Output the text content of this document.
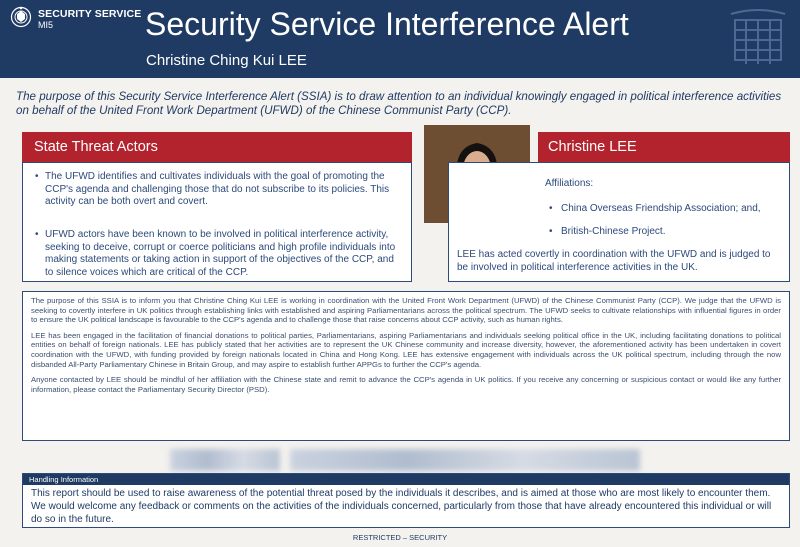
SECURITY SERVICE
MI5	Security Service Interference Alert
Christine Ching Kui LEE
The purpose of this Security Service Interference Alert (SSIA) is to draw attention to an individual knowingly engaged in political interference activities on behalf of the United Front Work Department (UFWD) of the Chinese Communist Party (CCP).
State Threat Actors
• The UFWD identifies and cultivates individuals with the goal of promoting the CCP's agenda and challenging those that do not subscribe to its policies. This activity can be both overt and covert.
• UFWD actors have been known to be involved in political interference activity, seeking to deceive, corrupt or coerce politicians and high profile individuals into making statements or taking action in support of the objectives of the CCP, and to silence voices which are critical of the CCP.
Christine LEE
Affiliations:
• China Overseas Friendship Association; and,
• British-Chinese Project.
LEE has acted covertly in coordination with the UFWD and is judged to be involved in political interference activities in the UK.

The purpose of this SSIA is to inform you that Christine Ching Kui LEE is working in coordination with the United Front Work Department (UFWD) of the Chinese Communist Party (CCP). We judge that the UFWD is seeking to covertly interfere in UK politics through establishing links with established and aspiring Parliamentarians across the political spectrum. The UFWD seeks to cultivate relationships with influential figures in order to ensure the UK political landscape is favourable to the CCP's agenda and to challenge those that raise concerns about CCP activity, such as human rights.

LEE has been engaged in the facilitation of financial donations to political parties, Parliamentarians, aspiring Parliamentarians and individuals seeking political office in the UK, including facilitating donations to political entities on behalf of foreign nationals. LEE has publicly stated that her activities are to represent the UK Chinese community and increase diversity, however, the aforementioned activity has been undertaken in covert coordination with the UFWD, with funding provided by foreign nationals located in China and Hong Kong. LEE has extensive engagement with individuals across the UK political spectrum, including through the now disbanded All-Party Parliamentary Chinese in Britain Group, and may aspire to establish further APPGs to further the CCP's agenda.

Anyone contacted by LEE should be mindful of her affiliation with the Chinese state and remit to advance the CCP's agenda in UK politics. If you receive any concerning or suspicious contact or would like any further information, please contact the Parliamentary Security Director (PSD).

Handling Information
This report should be used to raise awareness of the potential threat posed by the individuals it describes, and is aimed at those who are most likely to encounter them. We would welcome any feedback or comments on the activities of the individuals concerned, particularly from those that have already encountered this individual or will do so in the future.
RESTRICTED – SECURITY
